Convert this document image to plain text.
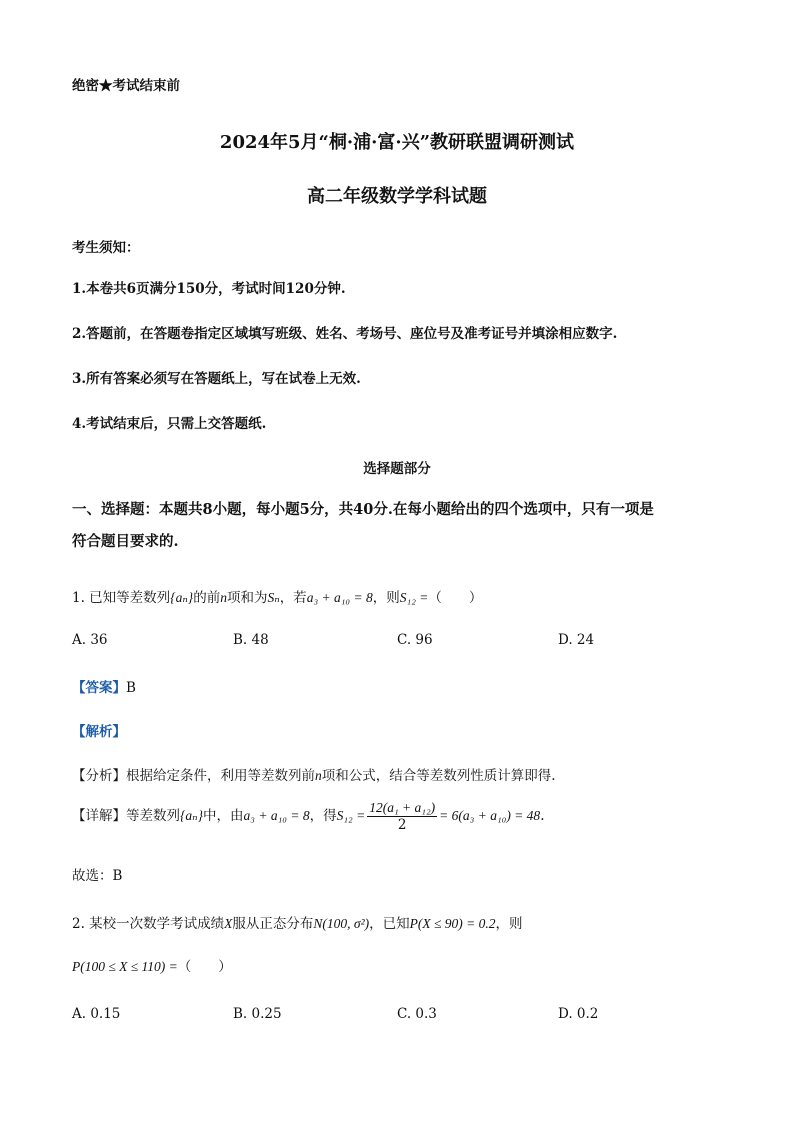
绝密★考试结束前
2024年5月“桐·浦·富·兴”教研联盟调研测试
高二年级数学学科试题
考生须知：
1.本卷共6页满分150分，考试时间120分钟.
2.答题前，在答题卷指定区域填写班级、姓名、考场号、座位号及准考证号并填涂相应数字.
3.所有答案必须写在答题纸上，写在试卷上无效.
4.考试结束后，只需上交答题纸.
选择题部分
一、选择题：本题共8小题，每小题5分，共40分.在每小题给出的四个选项中，只有一项是
符合题目要求的.
1. 已知等差数列{aₙ}的前n项和为Sₙ，若a₃ + a₁₀ = 8，则S₁₂ =（　　）
A. 36	B. 48	C. 96	D. 24
【答案】B
【解析】
【分析】根据给定条件，利用等差数列前n项和公式，结合等差数列性质计算即得.
【详解】等差数列{aₙ}中，由a₃ + a₁₀ = 8，得$S_{12} = \frac{\text{12(a₁ + a₁₂)}}{2} = 6(a_3 + a_{10}) = 48$.
故选：B
2. 某校一次数学考试成绩X服从正态分布N(100, σ²)，已知P(X ≤ 90) = 0.2，则
P(100 ≤ X ≤ 110) =（　　）
A. 0.15	B. 0.25	C. 0.3	D. 0.2
